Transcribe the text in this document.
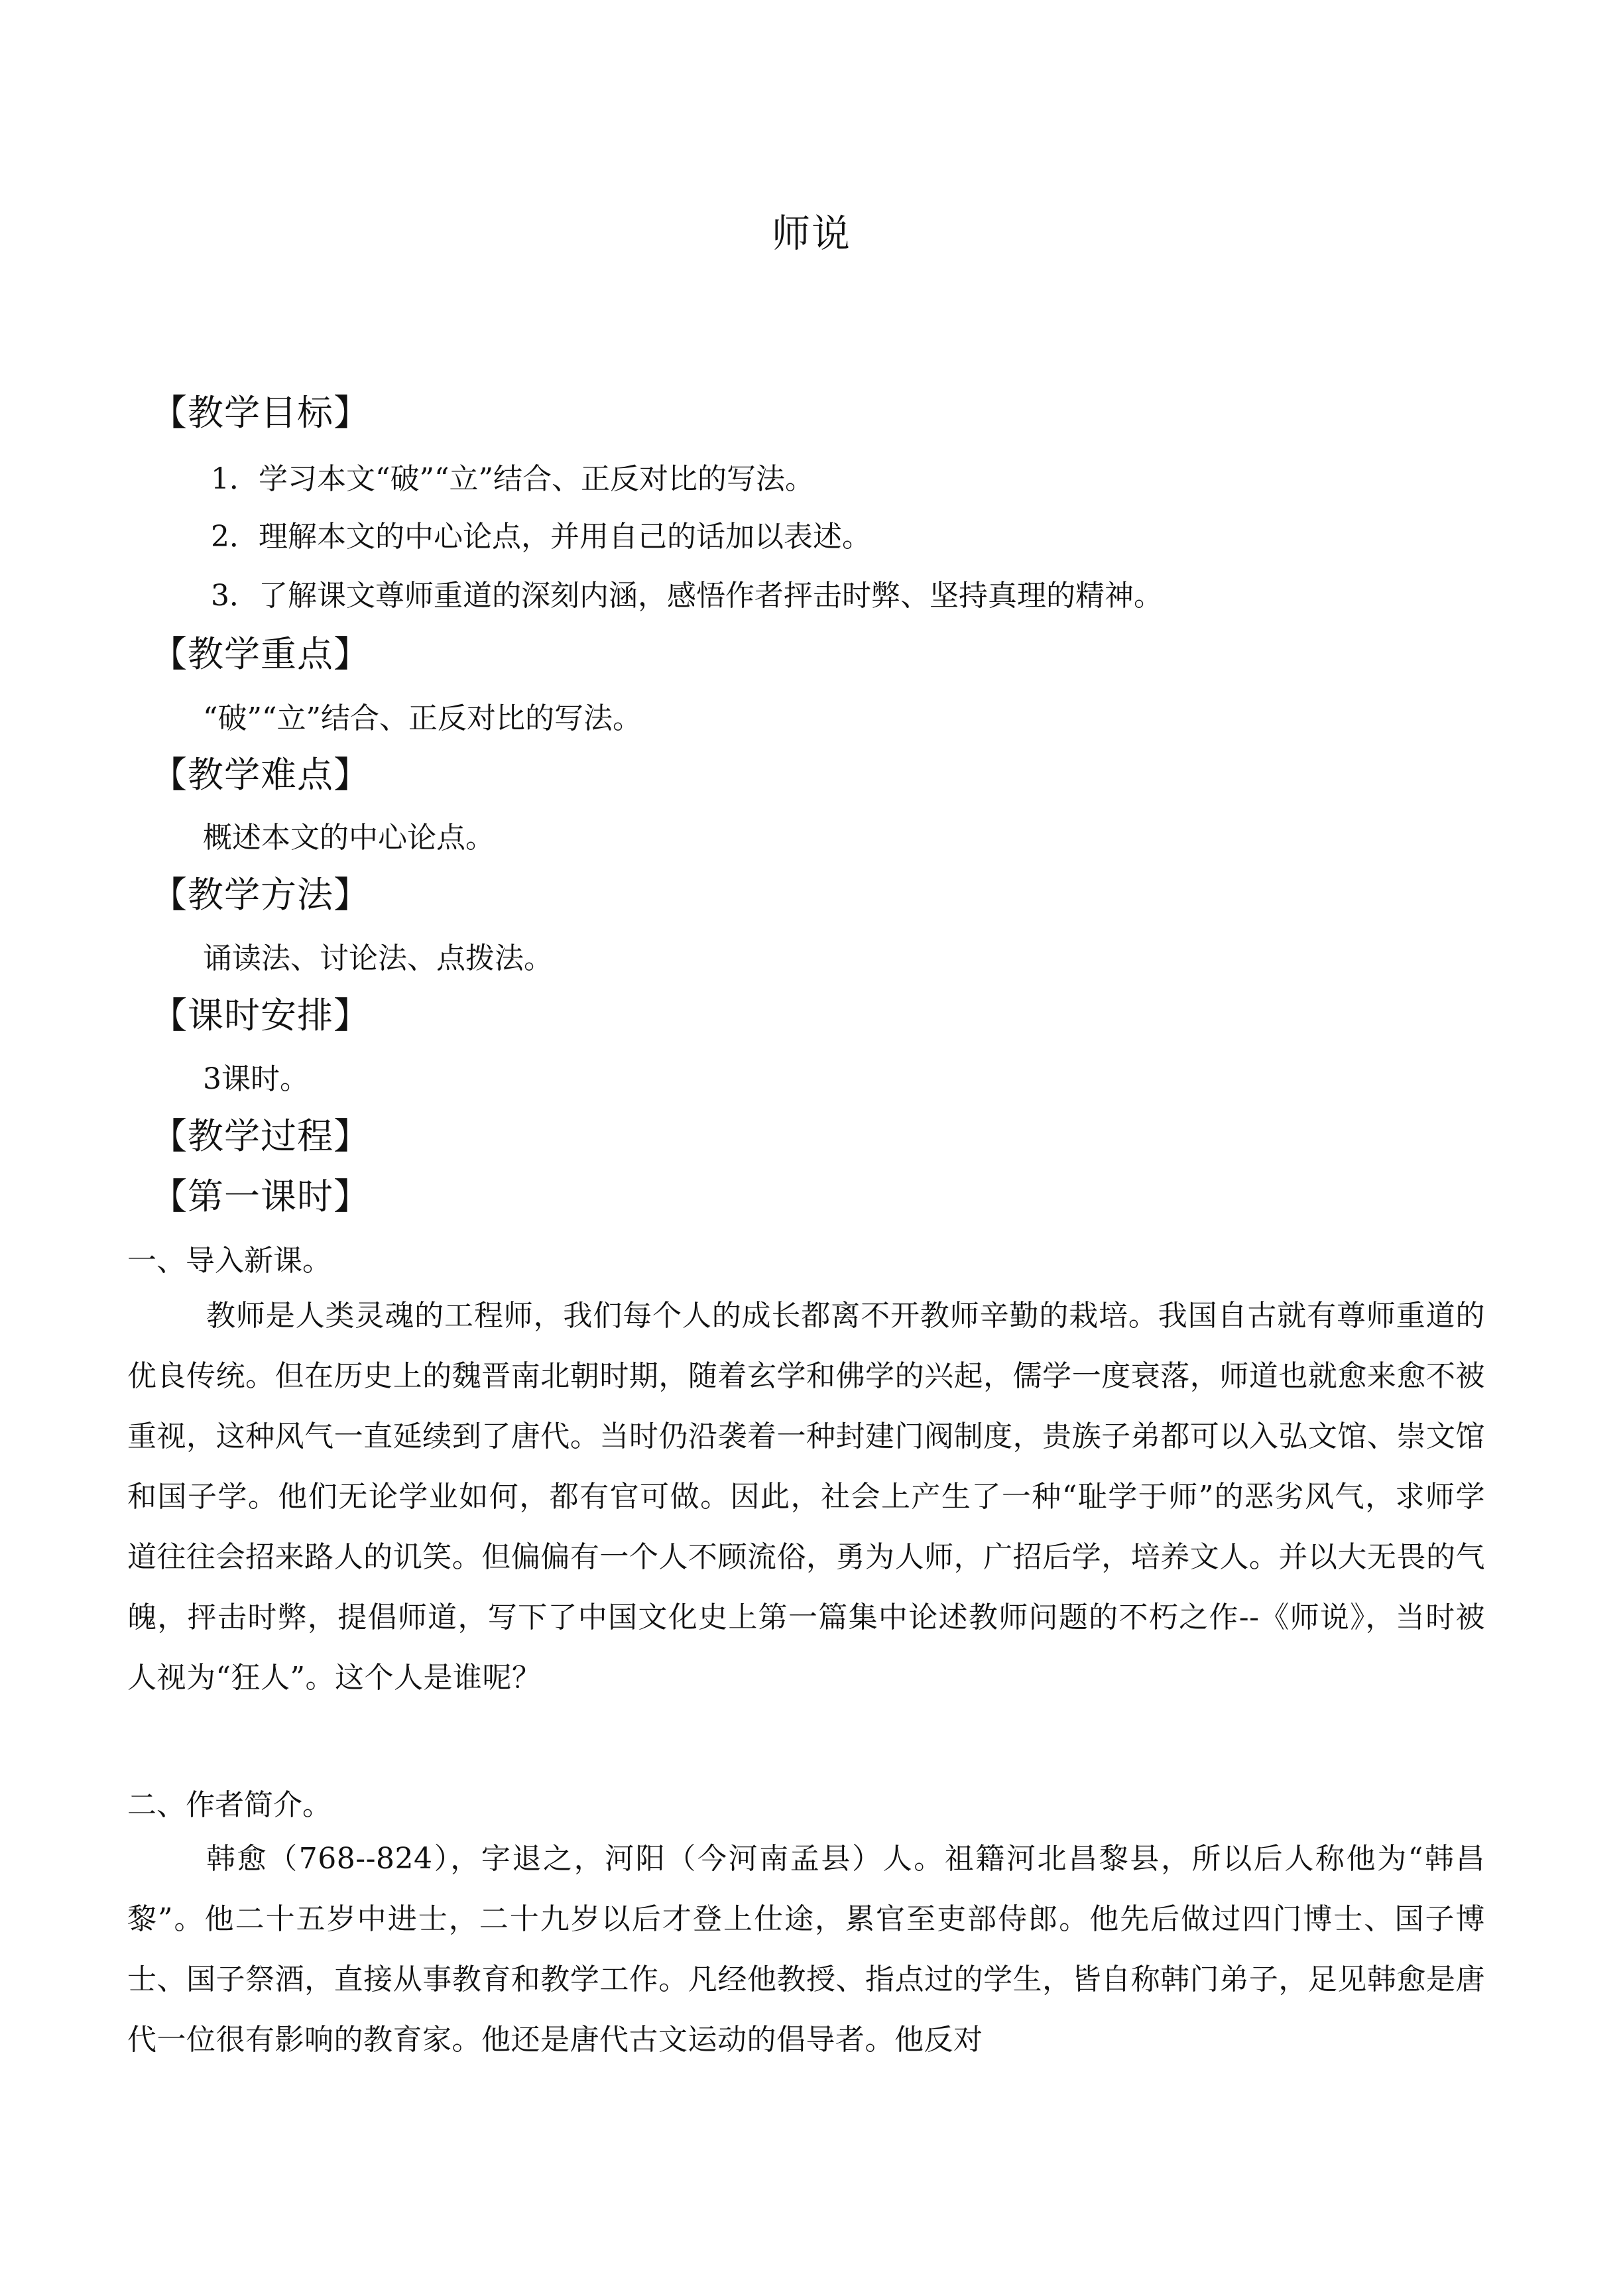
师说
【教学目标】
1．学习本文“破”“立”结合、正反对比的写法。
2．理解本文的中心论点，并用自己的话加以表述。
3．了解课文尊师重道的深刻内涵，感悟作者抨击时弊、坚持真理的精神。
【教学重点】
“破”“立”结合、正反对比的写法。
【教学难点】
概述本文的中心论点。
【教学方法】
诵读法、讨论法、点拨法。
【课时安排】
3课时。
【教学过程】
【第一课时】
一、导入新课。
教师是人类灵魂的工程师，我们每个人的成长都离不开教师辛勤的栽培。我国自古就有尊师重道的优良传统。但在历史上的魏晋南北朝时期，随着玄学和佛学的兴起，儒学一度衰落，师道也就愈来愈不被重视，这种风气一直延续到了唐代。当时仍沿袭着一种封建门阀制度，贵族子弟都可以入弘文馆、崇文馆和国子学。他们无论学业如何，都有官可做。因此，社会上产生了一种“耻学于师”的恶劣风气，求师学道往往会招来路人的讥笑。但偏偏有一个人不顾流俗，勇为人师，广招后学，培养文人。并以大无畏的气魄，抨击时弊，提倡师道，写下了中国文化史上第一篇集中论述教师问题的不朽之作--《师说》，当时被人视为“狂人”。这个人是谁呢？
二、作者简介。
韩愈（768--824），字退之，河阳（今河南孟县）人。祖籍河北昌黎县，所以后人称他为“韩昌黎”。他二十五岁中进士，二十九岁以后才登上仕途，累官至吏部侍郎。他先后做过四门博士、国子博士、国子祭酒，直接从事教育和教学工作。凡经他教授、指点过的学生，皆自称韩门弟子，足见韩愈是唐代一位很有影响的教育家。他还是唐代古文运动的倡导者。他反对
